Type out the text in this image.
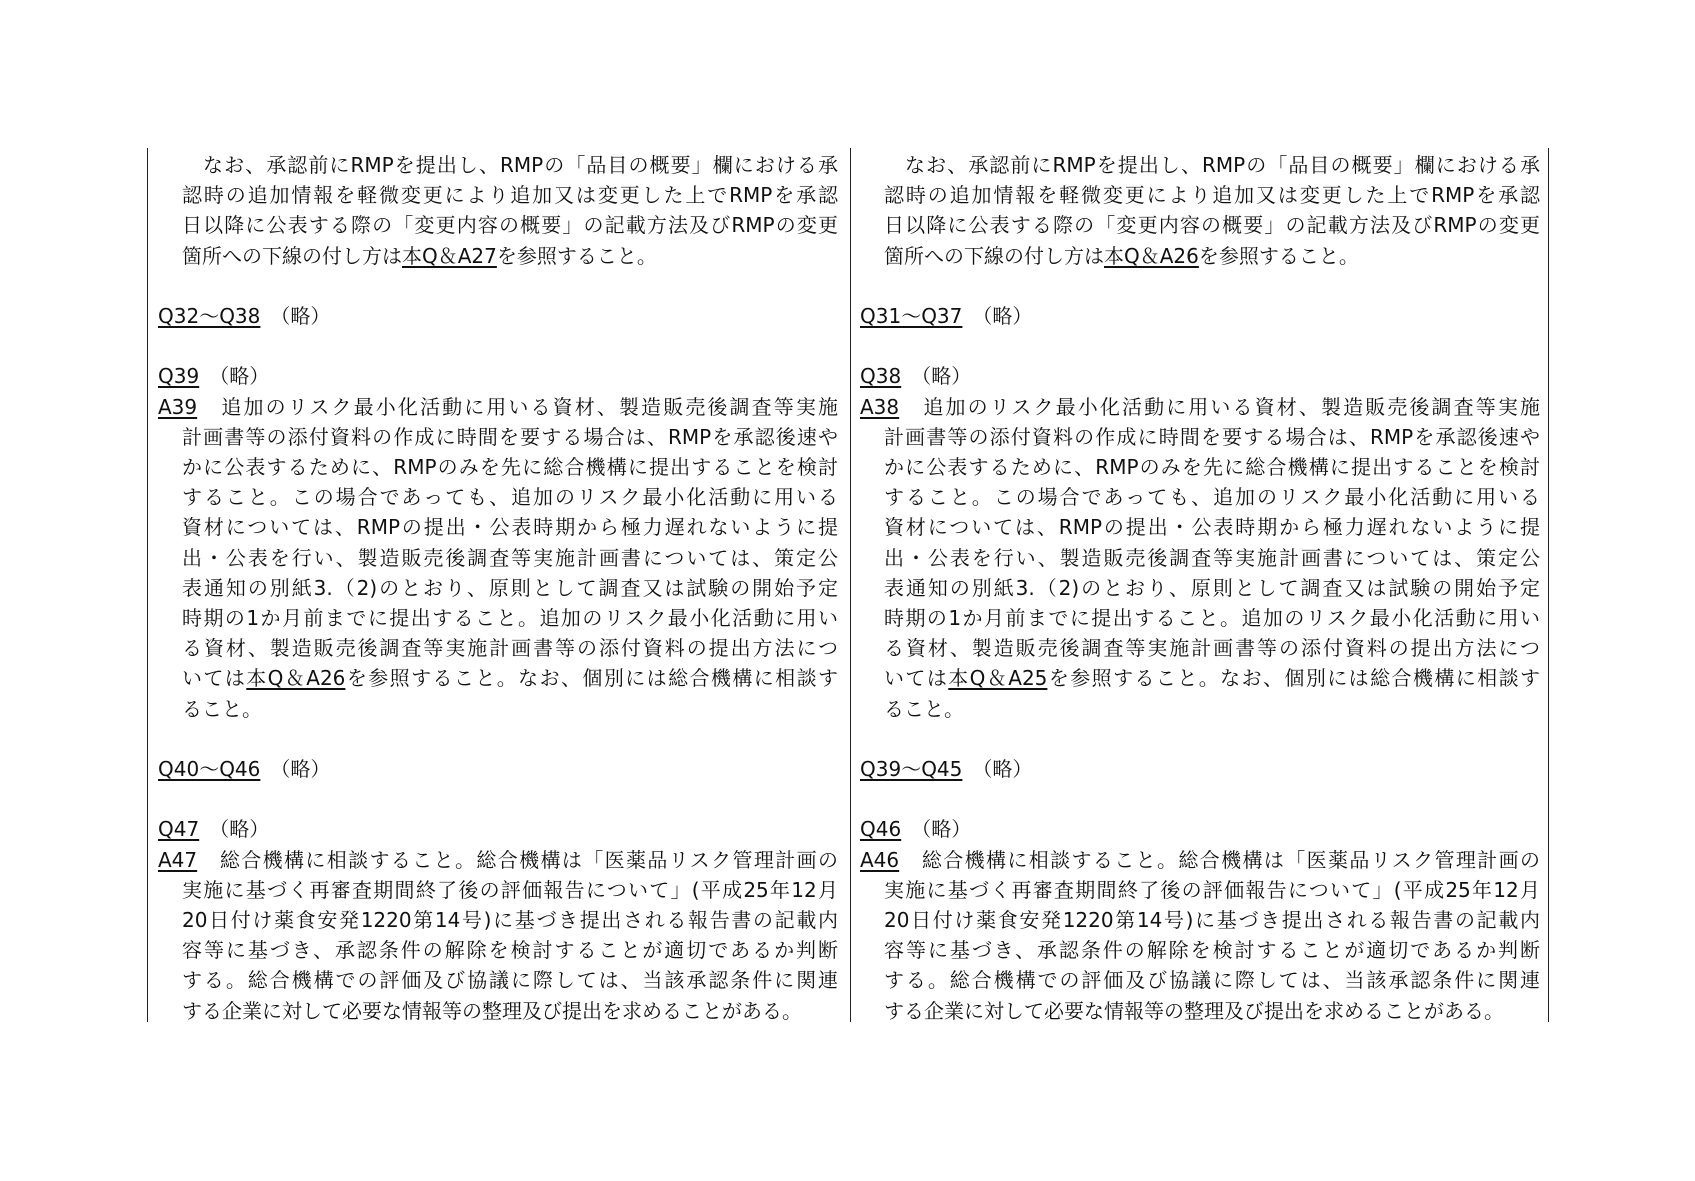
　なお、承認前にRMPを提出し、RMPの「品目の概要」欄における承
認時の追加情報を軽微変更により追加又は変更した上でRMPを承認
日以降に公表する際の「変更内容の概要」の記載方法及びRMPの変更
箇所への下線の付し方は本Q＆A27を参照すること。
Q32～Q38　（略）
Q39　（略）
A39　追加のリスク最小化活動に用いる資材、製造販売後調査等実施
計画書等の添付資料の作成に時間を要する場合は、RMPを承認後速や
かに公表するために、RMPのみを先に総合機構に提出することを検討
すること。この場合であっても、追加のリスク最小化活動に用いる
資材については、RMPの提出・公表時期から極力遅れないように提
出・公表を行い、製造販売後調査等実施計画書については、策定公
表通知の別紙3.（2)のとおり、原則として調査又は試験の開始予定
時期の1か月前までに提出すること。追加のリスク最小化活動に用い
る資材、製造販売後調査等実施計画書等の添付資料の提出方法につ
いては本Q＆A26を参照すること。なお、個別には総合機構に相談す
ること。
Q40～Q46　（略）
Q47　（略）
A47　総合機構に相談すること。総合機構は「医薬品リスク管理計画の
実施に基づく再審査期間終了後の評価報告について」(平成25年12月
20日付け薬食安発1220第14号)に基づき提出される報告書の記載内
容等に基づき、承認条件の解除を検討することが適切であるか判断
する。総合機構での評価及び協議に際しては、当該承認条件に関連
する企業に対して必要な情報等の整理及び提出を求めることがある。
　なお、承認前にRMPを提出し、RMPの「品目の概要」欄における承
認時の追加情報を軽微変更により追加又は変更した上でRMPを承認
日以降に公表する際の「変更内容の概要」の記載方法及びRMPの変更
箇所への下線の付し方は本Q＆A26を参照すること。
Q31～Q37　（略）
Q38　（略）
A38　追加のリスク最小化活動に用いる資材、製造販売後調査等実施
計画書等の添付資料の作成に時間を要する場合は、RMPを承認後速や
かに公表するために、RMPのみを先に総合機構に提出することを検討
すること。この場合であっても、追加のリスク最小化活動に用いる
資材については、RMPの提出・公表時期から極力遅れないように提
出・公表を行い、製造販売後調査等実施計画書については、策定公
表通知の別紙3.（2)のとおり、原則として調査又は試験の開始予定
時期の1か月前までに提出すること。追加のリスク最小化活動に用い
る資材、製造販売後調査等実施計画書等の添付資料の提出方法につ
いては本Q＆A25を参照すること。なお、個別には総合機構に相談す
ること。
Q39～Q45　（略）
Q46　（略）
A46　総合機構に相談すること。総合機構は「医薬品リスク管理計画の
実施に基づく再審査期間終了後の評価報告について」(平成25年12月
20日付け薬食安発1220第14号)に基づき提出される報告書の記載内
容等に基づき、承認条件の解除を検討することが適切であるか判断
する。総合機構での評価及び協議に際しては、当該承認条件に関連
する企業に対して必要な情報等の整理及び提出を求めることがある。
